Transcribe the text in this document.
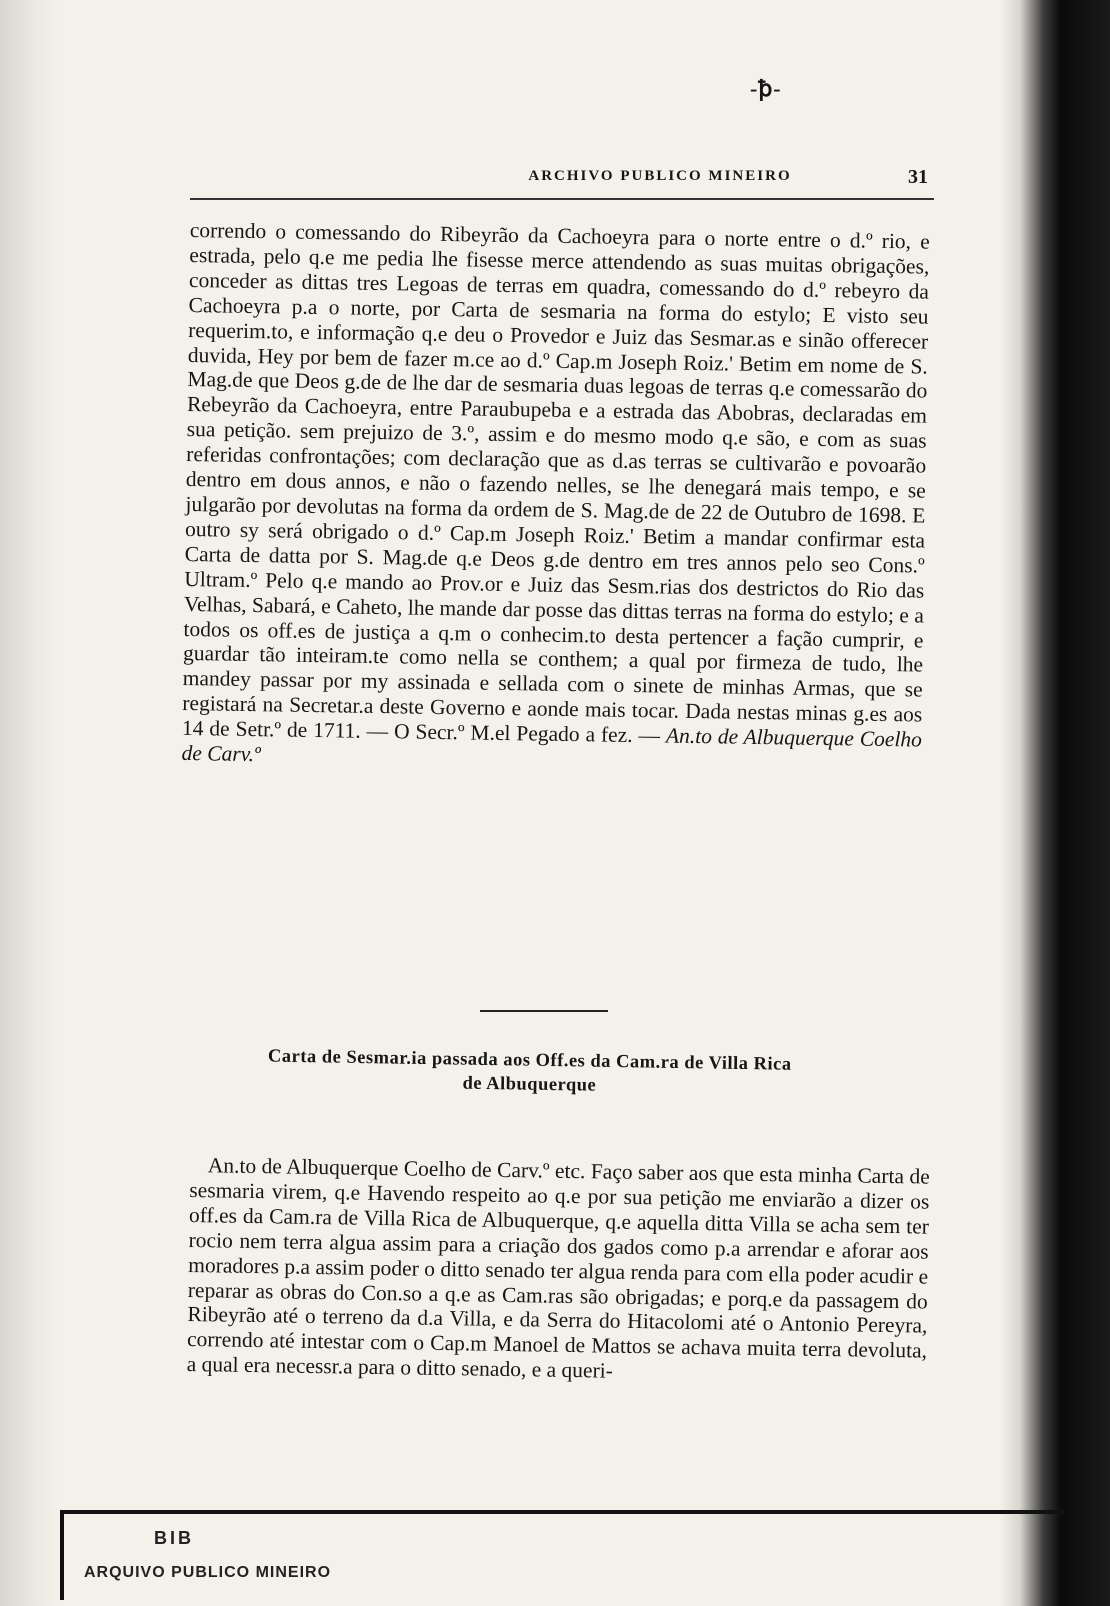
-ꝥ-
ARCHIVO PUBLICO MINEIRO	31

correndo o comessando do Ribeyrão da Cachoeyra para o norte entre o d.º rio, e estrada, pelo q.e me pedia lhe fisesse merce attendendo as suas muitas obrigações, conceder as dittas tres Legoas de terras em quadra, comessando do d.º rebeyro da Cachoeyra p.a o norte, por Carta de sesmaria na forma do estylo; E visto seu requerim.to, e informação q.e deu o Provedor e Juiz das Sesmar.as e sinão offerecer duvida, Hey por bem de fazer m.ce ao d.º Cap.m Joseph Roiz.' Betim em nome de S. Mag.de que Deos g.de de lhe dar de sesmaria duas legoas de terras q.e comessarão do Rebeyrão da Cachoeyra, entre Paraubupeba e a estrada das Abobras, declaradas em sua petição. sem prejuizo de 3.º, assim e do mesmo modo q.e são, e com as suas referidas confrontações; com declaração que as d.as terras se cultivarão e povoarão dentro em dous annos, e não o fazendo nelles, se lhe denegará mais tempo, e se julgarão por devolutas na forma da ordem de S. Mag.de de 22 de Outubro de 1698. E outro sy será obrigado o d.º Cap.m Joseph Roiz.' Betim a mandar confirmar esta Carta de datta por S. Mag.de q.e Deos g.de dentro em tres annos pelo seo Cons.º Ultram.º Pelo q.e mando ao Prov.or e Juiz das Sesm.rias dos destrictos do Rio das Velhas, Sabará, e Caheto, lhe mande dar posse das dittas terras na forma do estylo; e a todos os off.es de justiça a q.m o conhecim.to desta pertencer a fação cumprir, e guardar tão inteiram.te como nella se conthem; a qual por firmeza de tudo, lhe mandey passar por my assinada e sellada com o sinete de minhas Armas, que se registará na Secretar.a deste Governo e aonde mais tocar. Dada nestas minas g.es aos 14 de Setr.º de 1711. — O Secr.º M.el Pegado a fez. — An.to de Albuquerque Coelho de Carv.º

Carta de Sesmar.ia passada aos Off.es da Cam.ra de Villa Rica
de Albuquerque

An.to de Albuquerque Coelho de Carv.º etc. Faço saber aos que esta minha Carta de sesmaria virem, q.e Havendo respeito ao q.e por sua petição me enviarão a dizer os off.es da Cam.ra de Villa Rica de Albuquerque, q.e aquella ditta Villa se acha sem ter rocio nem terra algua assim para a criação dos gados como p.a arrendar e aforar aos moradores p.a assim poder o ditto senado ter algua renda para com ella poder acudir e reparar as obras do Con.so a q.e as Cam.ras são obrigadas; e porq.e da passagem do Ribeyrão até o terreno da d.a Villa, e da Serra do Hitacolomi até o Antonio Pereyra, correndo até intestar com o Cap.m Manoel de Mattos se achava muita terra devoluta, a qual era necessr.a para o ditto senado, e a queri-

BIB
ARQUIVO PUBLICO MINEIRO
